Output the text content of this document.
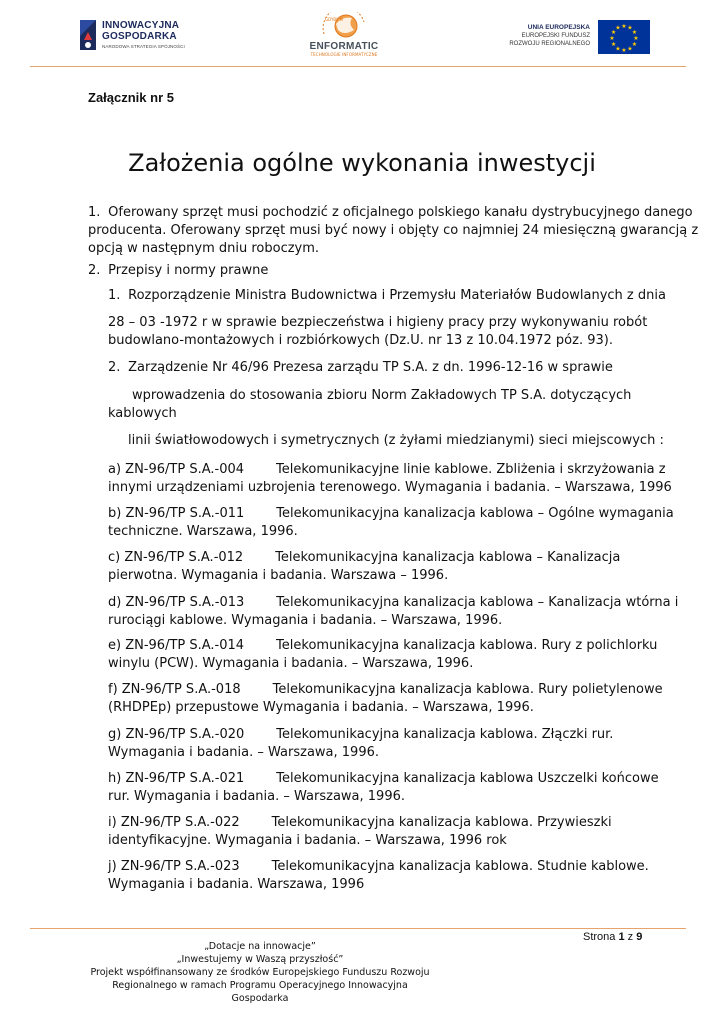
INNOWACYJNA
GOSPODARKA
NARODOWA STRATEGIA SPÓJNOŚCI
GDYBY M
ENFORMATIC
TECHNOLOGIE INFORMATYCZNE
UNIA EUROPEJSKA
EUROPEJSKI FUNDUSZ
ROZWOJU REGIONALNEGO
★ ★
★
★
★
★
★
★
★
★
★
★
Załącznik nr 5
Założenia ogólne wykonania inwestycji
1. Oferowany sprzęt musi pochodzić z oficjalnego polskiego kanału dystrybucyjnego danego
producenta. Oferowany sprzęt musi być nowy i objęty co najmniej 24 miesięczną gwarancją z
opcją w następnym dniu roboczym.
2. Przepisy i normy prawne
1. Rozporządzenie Ministra Budownictwa i Przemysłu Materiałów Budowlanych z dnia
28 – 03 -1972 r w sprawie bezpieczeństwa i higieny pracy przy wykonywaniu robót
budowlano-montażowych i rozbiórkowych (Dz.U. nr 13 z 10.04.1972 póz. 93).
2. Zarządzenie Nr 46/96 Prezesa zarządu TP S.A. z dn. 1996-12-16 w sprawie
wprowadzenia do stosowania zbioru Norm Zakładowych TP S.A. dotyczących
kablowych
linii światłowodowych i symetrycznych (z żyłami miedzianymi) sieci miejscowych :
a) ZN-96/TP S.A.-004 Telekomunikacyjne linie kablowe. Zbliżenia i skrzyżowania z
innymi urządzeniami uzbrojenia terenowego. Wymagania i badania. – Warszawa, 1996
b) ZN-96/TP S.A.-011 Telekomunikacyjna kanalizacja kablowa – Ogólne wymagania
techniczne. Warszawa, 1996.
c) ZN-96/TP S.A.-012 Telekomunikacyjna kanalizacja kablowa – Kanalizacja
pierwotna. Wymagania i badania. Warszawa – 1996.
d) ZN-96/TP S.A.-013 Telekomunikacyjna kanalizacja kablowa – Kanalizacja wtórna i
rurociągi kablowe. Wymagania i badania. – Warszawa, 1996.
e) ZN-96/TP S.A.-014 Telekomunikacyjna kanalizacja kablowa. Rury z polichlorku
winylu (PCW). Wymagania i badania. – Warszawa, 1996.
f) ZN-96/TP S.A.-018 Telekomunikacyjna kanalizacja kablowa. Rury polietylenowe
(RHDPEp) przepustowe Wymagania i badania. – Warszawa, 1996.
g) ZN-96/TP S.A.-020 Telekomunikacyjna kanalizacja kablowa. Złączki rur.
Wymagania i badania. – Warszawa, 1996.
h) ZN-96/TP S.A.-021 Telekomunikacyjna kanalizacja kablowa Uszczelki końcowe
rur. Wymagania i badania. – Warszawa, 1996.
i) ZN-96/TP S.A.-022 Telekomunikacyjna kanalizacja kablowa. Przywieszki
identyfikacyjne. Wymagania i badania. – Warszawa, 1996 rok
j) ZN-96/TP S.A.-023 Telekomunikacyjna kanalizacja kablowa. Studnie kablowe.
Wymagania i badania. Warszawa, 1996
Strona 1 z 9
„Dotacje na innowacje”
„Inwestujemy w Waszą przyszłość”
Projekt współfinansowany ze środków Europejskiego Funduszu Rozwoju
Regionalnego w ramach Programu Operacyjnego Innowacyjna Gospodarka
